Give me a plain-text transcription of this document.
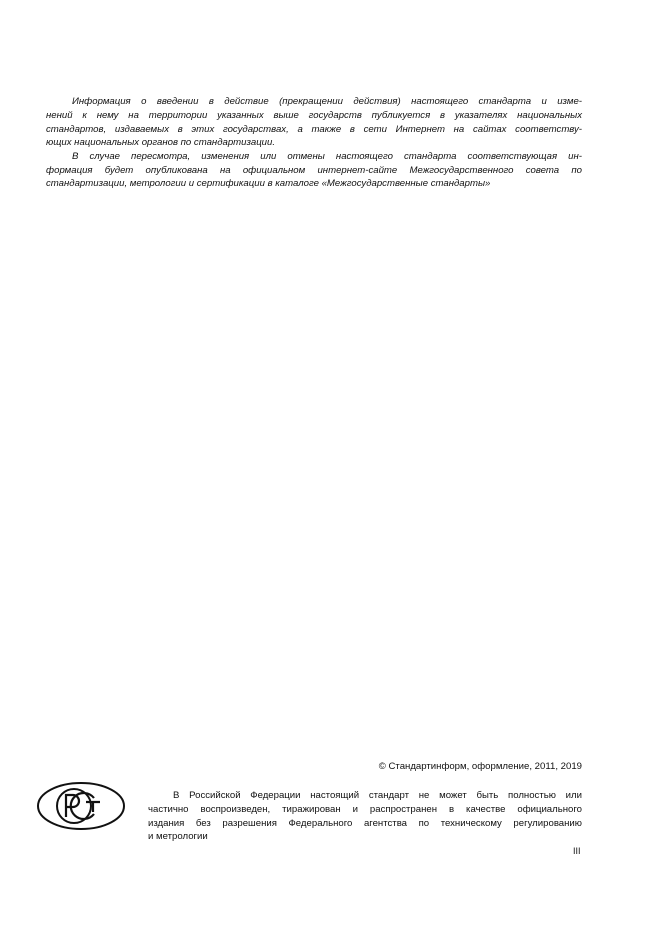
Информация о введении в действие (прекращении действия) настоящего стандарта и изме-
нений к нему на территории указанных выше государств публикуется в указателях национальных
стандартов, издаваемых в этих государствах, а также в сети Интернет на сайтах соответству-
ющих национальных органов по стандартизации.
В случае пересмотра, изменения или отмены настоящего стандарта соответствующая ин-
формация будет опубликована на официальном интернет-сайте Межгосударственного совета по
стандартизации, метрологии и сертификации в каталоге «Межгосударственные стандарты»
© Стандартинформ, оформление, 2011, 2019
В Российской Федерации настоящий стандарт не может быть полностью или
частично воспроизведен, тиражирован и распространен в качестве официального
издания без разрешения Федерального агентства по техническому регулированию
и метрологии
III
